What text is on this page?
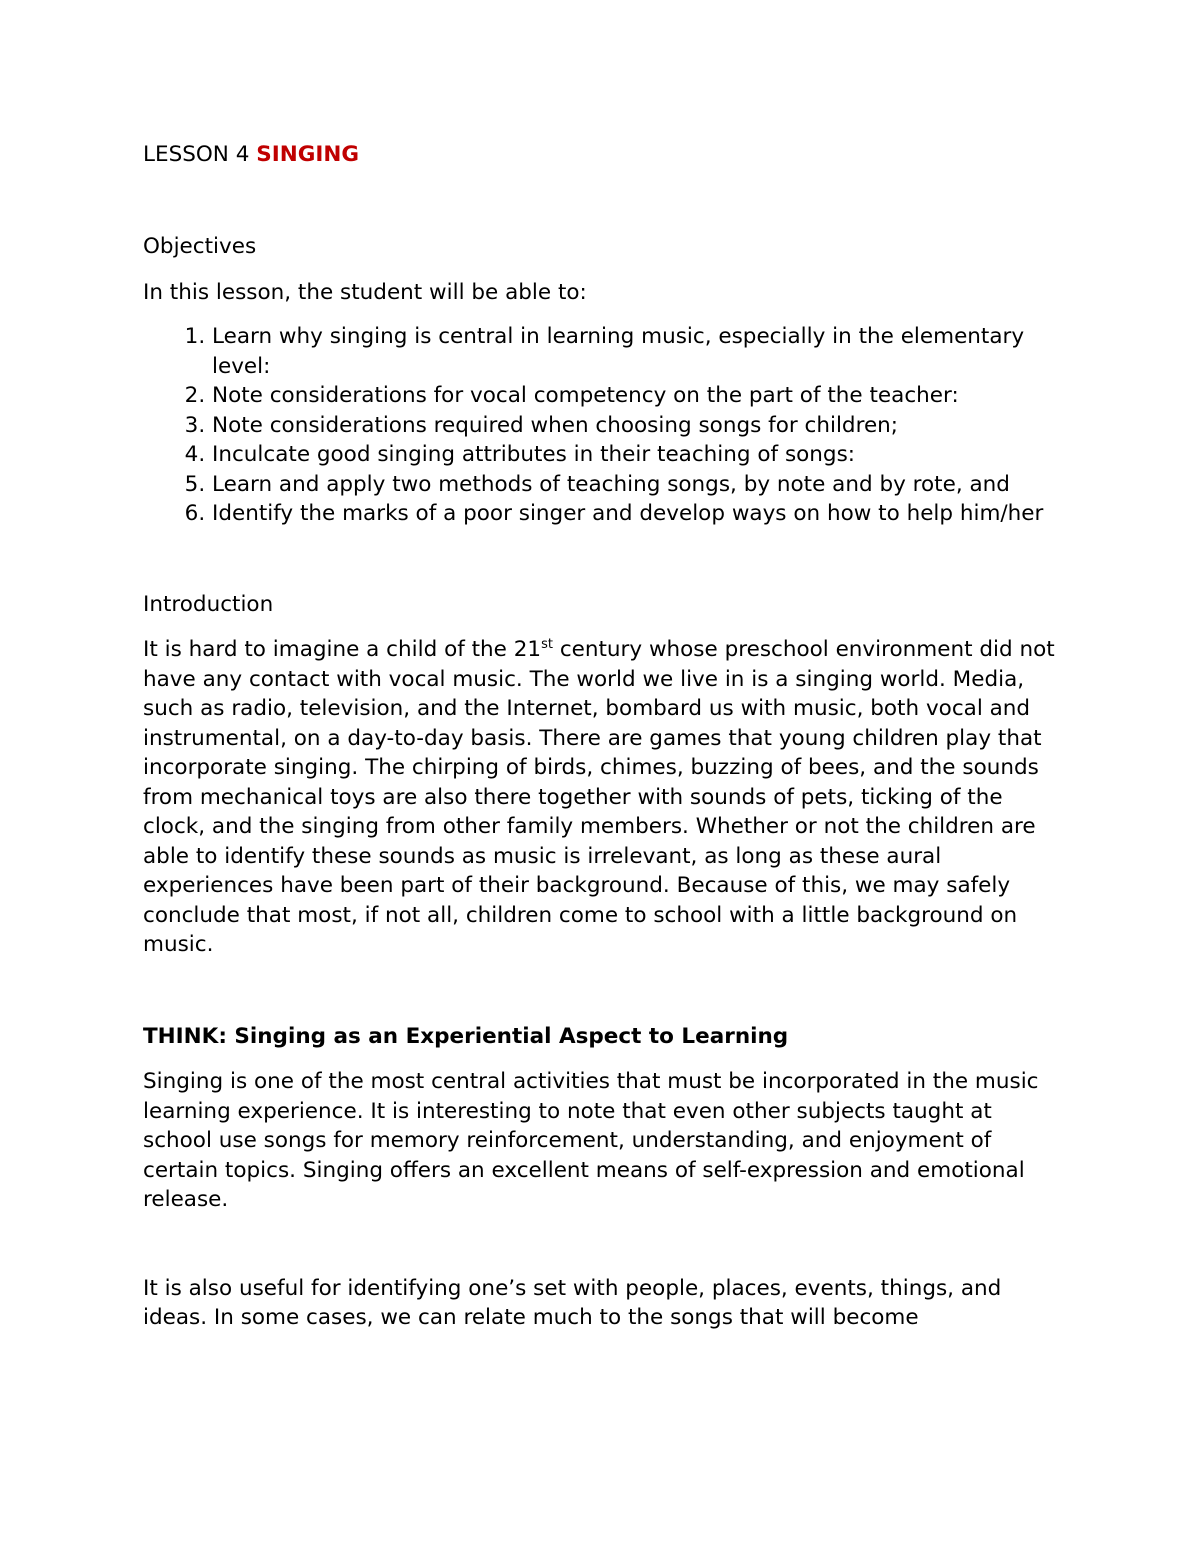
LESSON 4 SINGING
Objectives

In this lesson, the student will be able to:

1. Learn why singing is central in learning music, especially in the elementary level:
2. Note considerations for vocal competency on the part of the teacher:
3. Note considerations required when choosing songs for children;
4. Inculcate good singing attributes in their teaching of songs:
5. Learn and apply two methods of teaching songs, by note and by rote, and
6. Identify the marks of a poor singer and develop ways on how to help him/her
Introduction

It is hard to imagine a child of the 21st century whose preschool environment did not have any contact with vocal music. The world we live in is a singing world. Media, such as radio, television, and the Internet, bombard us with music, both vocal and instrumental, on a day-to-day basis. There are games that young children play that incorporate singing. The chirping of birds, chimes, buzzing of bees, and the sounds from mechanical toys are also there together with sounds of pets, ticking of the clock, and the singing from other family members. Whether or not the children are able to identify these sounds as music is irrelevant, as long as these aural experiences have been part of their background. Because of this, we may safely conclude that most, if not all, children come to school with a little background on music.

THINK: Singing as an Experiential Aspect to Learning

Singing is one of the most central activities that must be incorporated in the music learning experience. It is interesting to note that even other subjects taught at school use songs for memory reinforcement, understanding, and enjoyment of certain topics. Singing offers an excellent means of self-expression and emotional release.

It is also useful for identifying one’s set with people, places, events, things, and ideas. In some cases, we can relate much to the songs that will become
